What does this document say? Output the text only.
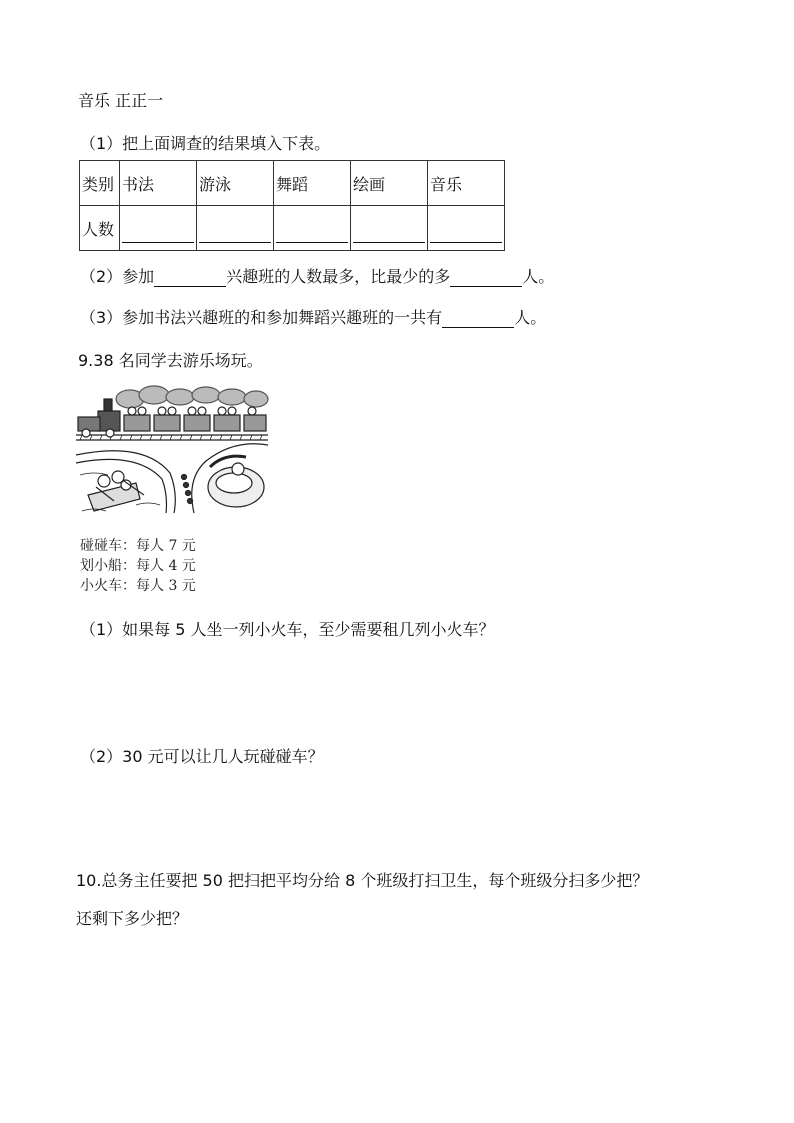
音乐 正正一
（1）把上面调查的结果填入下表。
类别	书法	游泳	舞蹈	绘画	音乐
人数	

（2）参加	兴趣班的人数最多，比最少的多	人。
（3）参加书法兴趣班的和参加舞蹈兴趣班的一共有	人。
9.38 名同学去游乐场玩。
碰碰车：每人 7 元
划小船：每人 4 元
小火车：每人 3 元
（1）如果每 5 人坐一列小火车，至少需要租几列小火车？
（2）30 元可以让几人玩碰碰车？
10.总务主任要把 50 把扫把平均分给 8 个班级打扫卫生，每个班级分扫多少把？
还剩下多少把？
